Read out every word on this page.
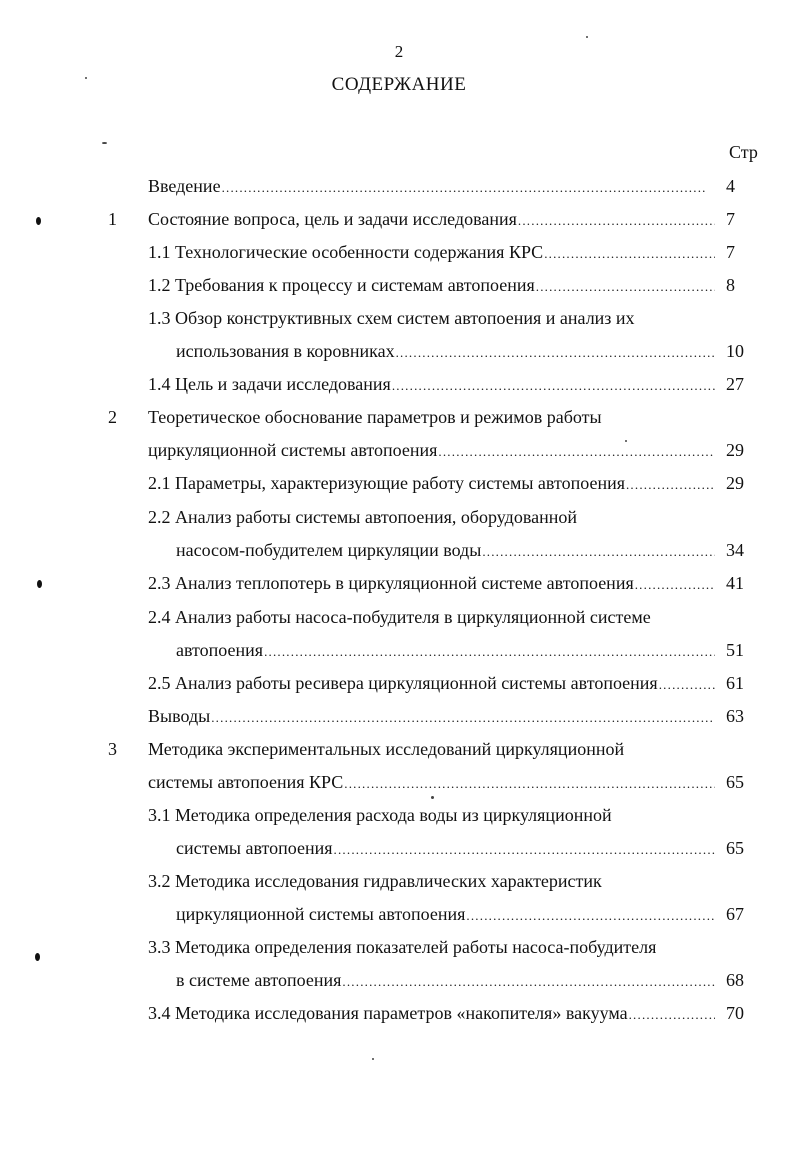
2
СОДЕРЖАНИЕ
Стр
Введение .....	4
1	Состояние вопроса, цель и задачи исследования .....	7
1.1 Технологические особенности содержания КРС .....	7
1.2 Требования к процессу и системам автопоения .....	8
1.3 Обзор конструктивных схем систем автопоения и анализ их
использования в коровниках .....	10
1.4 Цель и задачи исследования .....	27
2	Теоретическое обоснование параметров и режимов работы
циркуляционной системы автопоения .....	29
2.1 Параметры, характеризующие работу системы автопоения .....	29
2.2 Анализ работы системы автопоения, оборудованной
насосом-побудителем циркуляции воды .....	34
2.3 Анализ теплопотерь в циркуляционной системе автопоения .....	41
2.4 Анализ работы насоса-побудителя в циркуляционной системе
автопоения .....	51
2.5 Анализ работы ресивера циркуляционной системы автопоения .....	61
Выводы .....	63
3	Методика экспериментальных исследований циркуляционной
системы автопоения КРС .....	65
3.1 Методика определения расхода воды из циркуляционной
системы автопоения .....	65
3.2 Методика исследования гидравлических характеристик
циркуляционной системы автопоения .....	67
3.3 Методика определения показателей работы насоса-побудителя
в системе автопоения .....	68
3.4 Методика исследования параметров «накопителя» вакуума .....	70
